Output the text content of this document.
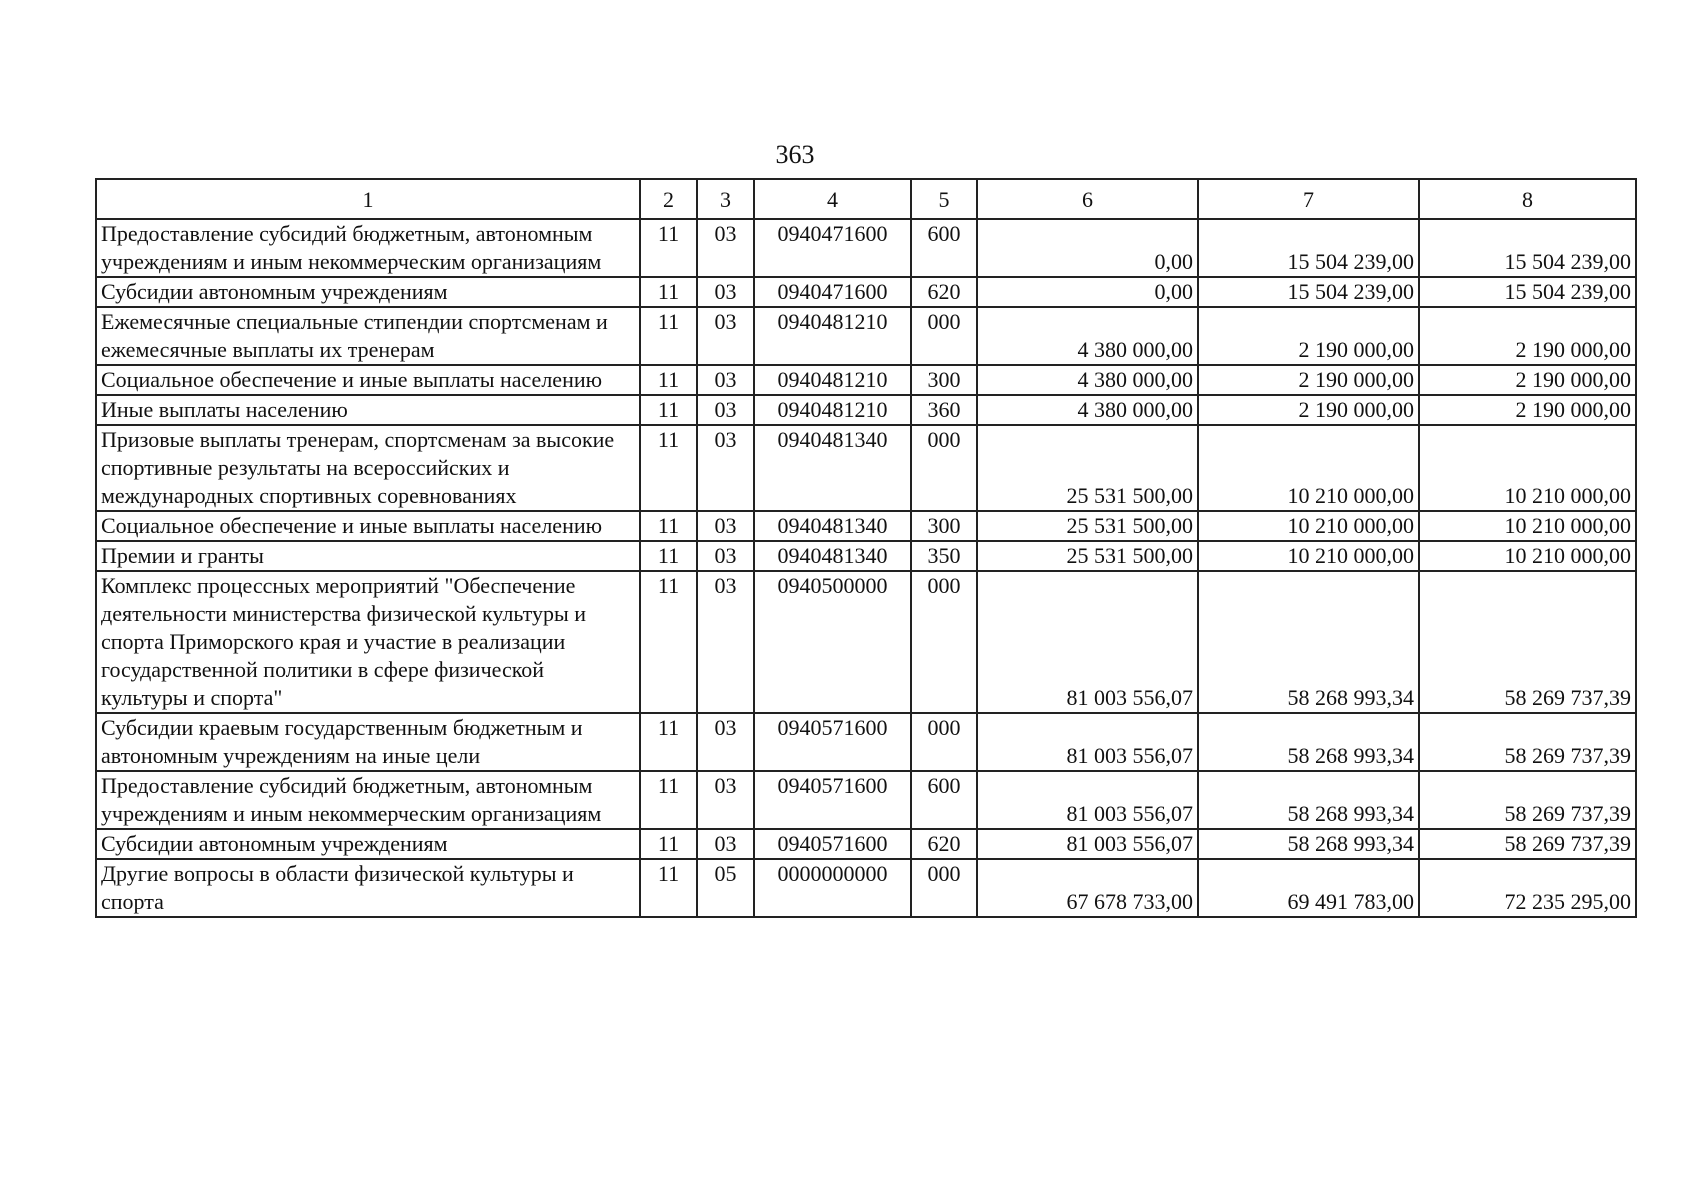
363
1	2	3	4	5	6	7	8
Предоставление субсидий бюджетным, автономным учреждениям и иным некоммерческим организациям	11	03	0940471600	600	0,00	15 504 239,00	15 504 239,00
Субсидии автономным учреждениям	11	03	0940471600	620	0,00	15 504 239,00	15 504 239,00
Ежемесячные специальные стипендии спортсменам и ежемесячные выплаты их тренерам	11	03	0940481210	000	4 380 000,00	2 190 000,00	2 190 000,00
Социальное обеспечение и иные выплаты населению	11	03	0940481210	300	4 380 000,00	2 190 000,00	2 190 000,00
Иные выплаты населению	11	03	0940481210	360	4 380 000,00	2 190 000,00	2 190 000,00
Призовые выплаты тренерам, спортсменам за высокие спортивные результаты на всероссийских и международных спортивных соревнованиях	11	03	0940481340	000	25 531 500,00	10 210 000,00	10 210 000,00
Социальное обеспечение и иные выплаты населению	11	03	0940481340	300	25 531 500,00	10 210 000,00	10 210 000,00
Премии и гранты	11	03	0940481340	350	25 531 500,00	10 210 000,00	10 210 000,00
Комплекс процессных мероприятий "Обеспечение деятельности министерства физической культуры и спорта Приморского края и участие в реализации государственной политики в сфере физической культуры и спорта"	11	03	0940500000	000	81 003 556,07	58 268 993,34	58 269 737,39
Субсидии краевым государственным бюджетным и автономным учреждениям на иные цели	11	03	0940571600	000	81 003 556,07	58 268 993,34	58 269 737,39
Предоставление субсидий бюджетным, автономным учреждениям и иным некоммерческим организациям	11	03	0940571600	600	81 003 556,07	58 268 993,34	58 269 737,39
Субсидии автономным учреждениям	11	03	0940571600	620	81 003 556,07	58 268 993,34	58 269 737,39
Другие вопросы в области физической культуры и спорта	11	05	0000000000	000	67 678 733,00	69 491 783,00	72 235 295,00
